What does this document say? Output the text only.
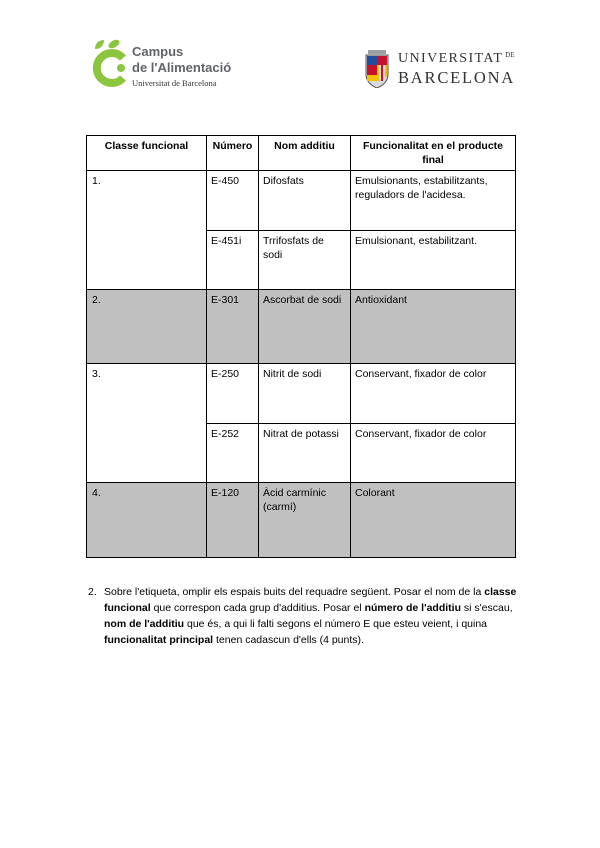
Campus
de l'Alimentació
Universitat de Barcelona
UNIVERSITAT $^{DE}$
BARCELONA
Classe funcional	Número	Nom additiu	Funcionalitat en el producte final
1.	E-450	Difosfats	Emulsionants, estabilitzants, reguladors de l'acidesa.
	E-451i	Trrifosfats de sodi	Emulsionant, estabilitzant.
2.	E-301	Ascorbat de sodi	Antioxidant
3.	E-250	Nitrit de sodi	Conservant, fixador de color
	E-252	Nitrat de potassi	Conservant, fixador de color
4.	E-120	Àcid carmínic (carmí)	Colorant
2. Sobre l'etiqueta, omplir els espais buits del requadre següent. Posar el nom de la classe funcional que correspon cada grup d'additius. Posar el número de l'additiu si s'escau, nom de l'additiu que és, a qui li falti segons el número E que esteu veient, i quina funcionalitat principal tenen cadascun d'ells (4 punts).
